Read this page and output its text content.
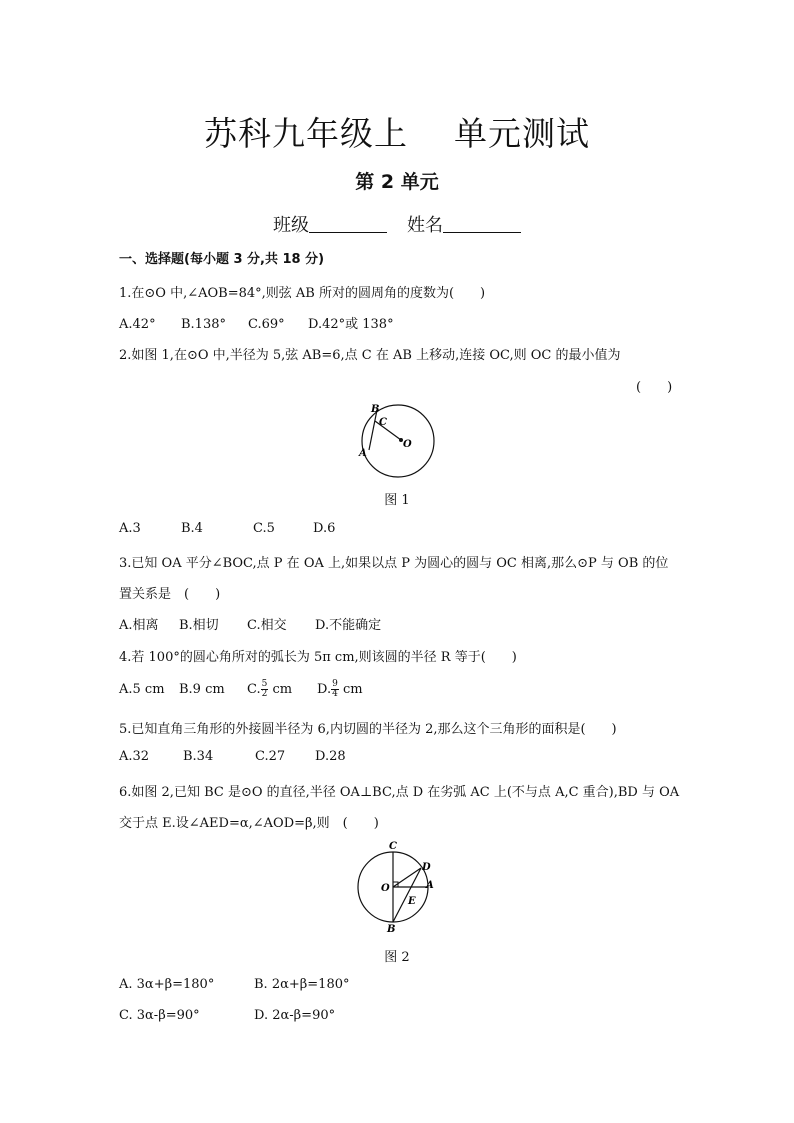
苏科九年级上 单元测试
第 2 单元
班级	姓名
一、选择题(每小题 3 分,共 18 分)
1.在⊙O 中,∠AOB=84°,则弦 AB 所对的圆周角的度数为(　　)
A.42° B.138° C.69° D.42°或 138°
2.如图 1,在⊙O 中,半径为 5,弦 AB=6,点 C 在 AB 上移动,连接 OC,则 OC 的最小值为
(　　)
B
C
O
A
图 1
A.3	B.4	C.5	D.6
3.已知 OA 平分∠BOC,点 P 在 OA 上,如果以点 P 为圆心的圆与 OC 相离,那么⊙P 与 OB 的位
置关系是　(　　)
A.相离 B.相切 C.相交 D.不能确定
4.若 100°的圆心角所对的弧长为 5π cm,则该圆的半径 R 等于(　　)
A.5 cm B.9 cm C. $\frac{5}{2}$ cm D. $\frac{9}{4}$ cm
5.已知直角三角形的外接圆半径为 6,内切圆的半径为 2,那么这个三角形的面积是(　　)
A.32	B.34	C.27 D.28
6.如图 2,已知 BC 是⊙O 的直径,半径 OA⊥BC,点 D 在劣弧 AC 上(不与点 A,C 重合),BD 与 OA
交于点 E.设∠AED=α,∠AOD=β,则　(　　)
C
D
O	A
E
B
图 2
A. 3α+β=180°	B. 2α+β=180°
C. 3α-β=90°	D. 2α-β=90°
